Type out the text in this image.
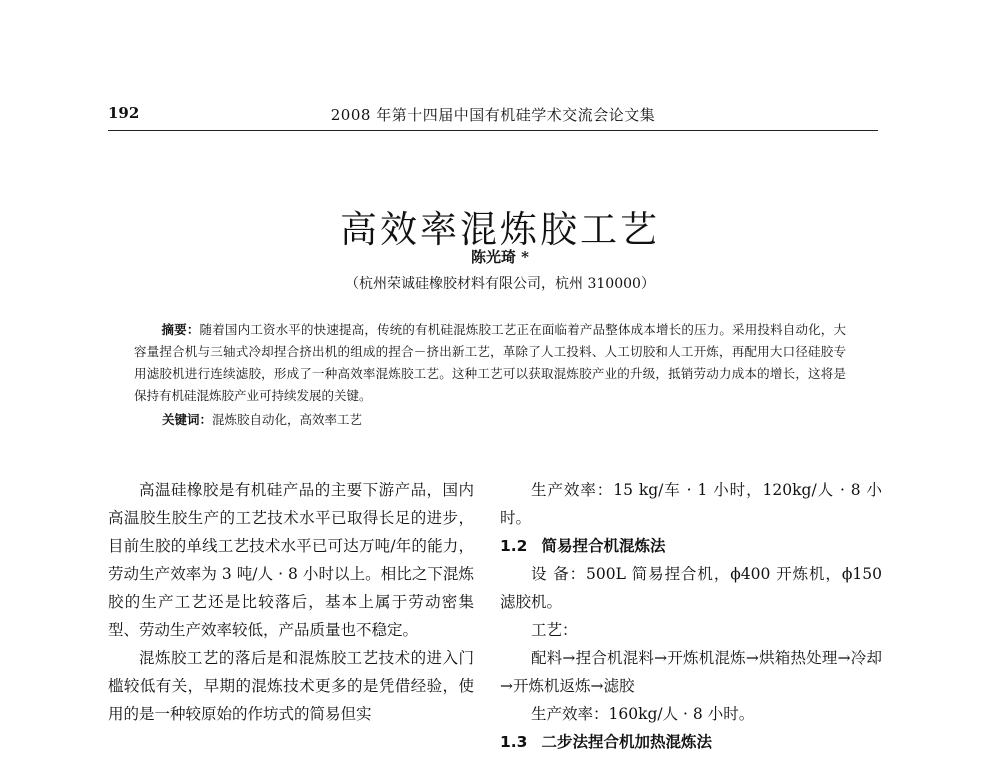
192	2008 年第十四届中国有机硅学术交流会论文集
高效率混炼胶工艺
陈光琦 *
（杭州荣诚硅橡胶材料有限公司，杭州 310000）

摘要：随着国内工资水平的快速提高，传统的有机硅混炼胶工艺正在面临着产品整体成本增长的压力。采用投料自动化，大容量捏合机与三轴式冷却捏合挤出机的组成的捏合－挤出新工艺，革除了人工投料、人工切胶和人工开炼，再配用大口径硅胶专用滤胶机进行连续滤胶，形成了一种高效率混炼胶工艺。这种工艺可以获取混炼胶产业的升级，抵销劳动力成本的增长，这将是保持有机硅混炼胶产业可持续发展的关键。

关键词：混炼胶自动化，高效率工艺

高温硅橡胶是有机硅产品的主要下游产品，国内高温胶生胶生产的工艺技术水平已取得长足的进步，目前生胶的单线工艺技术水平已可达万吨/年的能力，劳动生产效率为 3 吨/人 · 8 小时以上。相比之下混炼胶的生产工艺还是比较落后，基本上属于劳动密集型、劳动生产效率较低，产品质量也不稳定。

混炼胶工艺的落后是和混炼胶工艺技术的进入门槛较低有关，早期的混炼技术更多的是凭借经验，使用的是一种较原始的作坊式的简易但实

生产效率：15 kg/车 · 1 小时，120kg/人 · 8 小时。

1.2 简易捏合机混炼法

设 备：500L 简易捏合机，ϕ400 开炼机，ϕ150 滤胶机。

工艺：

配料→捏合机混料→开炼机混炼→烘箱热处理→冷却→开炼机返炼→滤胶

生产效率：160kg/人 · 8 小时。

1.3 二步法捏合机加热混炼法
